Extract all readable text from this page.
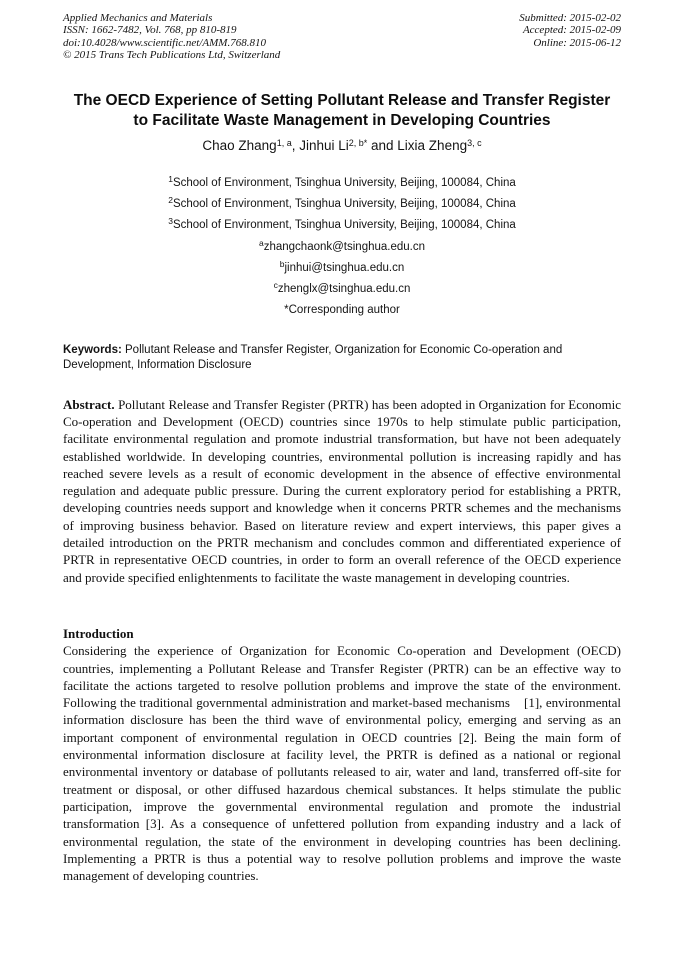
Applied Mechanics and Materials
ISSN: 1662-7482, Vol. 768, pp 810-819
doi:10.4028/www.scientific.net/AMM.768.810
© 2015 Trans Tech Publications Ltd, Switzerland
Submitted: 2015-02-02
Accepted: 2015-02-09
Online: 2015-06-12
The OECD Experience of Setting Pollutant Release and Transfer Register
to Facilitate Waste Management in Developing Countries
Chao Zhang$^{1, a}$, Jinhui $Li^{2, b*}$ and Lixia Zheng$^{3, c}$
$^1$School of Environment, Tsinghua University, Beijing, 100084, China
$^2$School of Environment, Tsinghua University, Beijing, 100084, China
$^3$School of Environment, Tsinghua University, Beijing, 100084, China
$^a$zhangchaonk@tsinghua.edu.cn
$^b$jinhui@tsinghua.edu.cn
$^c$zhenglx@tsinghua.edu.cn
*Corresponding author

Keywords: Pollutant Release and Transfer Register, Organization for Economic Co-operation and Development, Information Disclosure

Abstract. Pollutant Release and Transfer Register (PRTR) has been adopted in Organization for Economic Co-operation and Development (OECD) countries since 1970s to help stimulate public participation, facilitate environmental regulation and promote industrial transformation, but have not been adequately established worldwide. In developing countries, environmental pollution is increasing rapidly and has reached severe levels as a result of economic development in the absence of effective environmental regulation and adequate public pressure. During the current exploratory period for establishing a PRTR, developing countries needs support and knowledge when it concerns PRTR schemes and the mechanisms of improving business behavior. Based on literature review and expert interviews, this paper gives a detailed introduction on the PRTR mechanism and concludes common and differentiated experience of PRTR in representative OECD countries, in order to form an overall reference of the OECD experience and provide specified enlightenments to facilitate the waste management in developing countries.

Introduction

Considering the experience of Organization for Economic Co-operation and Development (OECD) countries, implementing a Pollutant Release and Transfer Register (PRTR) can be an effective way to facilitate the actions targeted to resolve pollution problems and improve the state of the environment. Following the traditional governmental administration and market-based mechanisms    [1], environmental information disclosure has been the third wave of environmental policy, emerging and serving as an important component of environmental regulation in OECD countries [2]. Being the main form of environmental information disclosure at facility level, the PRTR is defined as a national or regional environmental inventory or database of pollutants released to air, water and land, transferred off-site for treatment or disposal, or other diffused hazardous chemical substances. It helps stimulate the public participation, improve the governmental environmental regulation and promote the industrial transformation [3]. As a consequence of unfettered pollution from expanding industry and a lack of environmental regulation, the state of the environment in developing countries has been declining. Implementing a PRTR is thus a potential way to resolve pollution problems and improve the waste management of developing countries.
